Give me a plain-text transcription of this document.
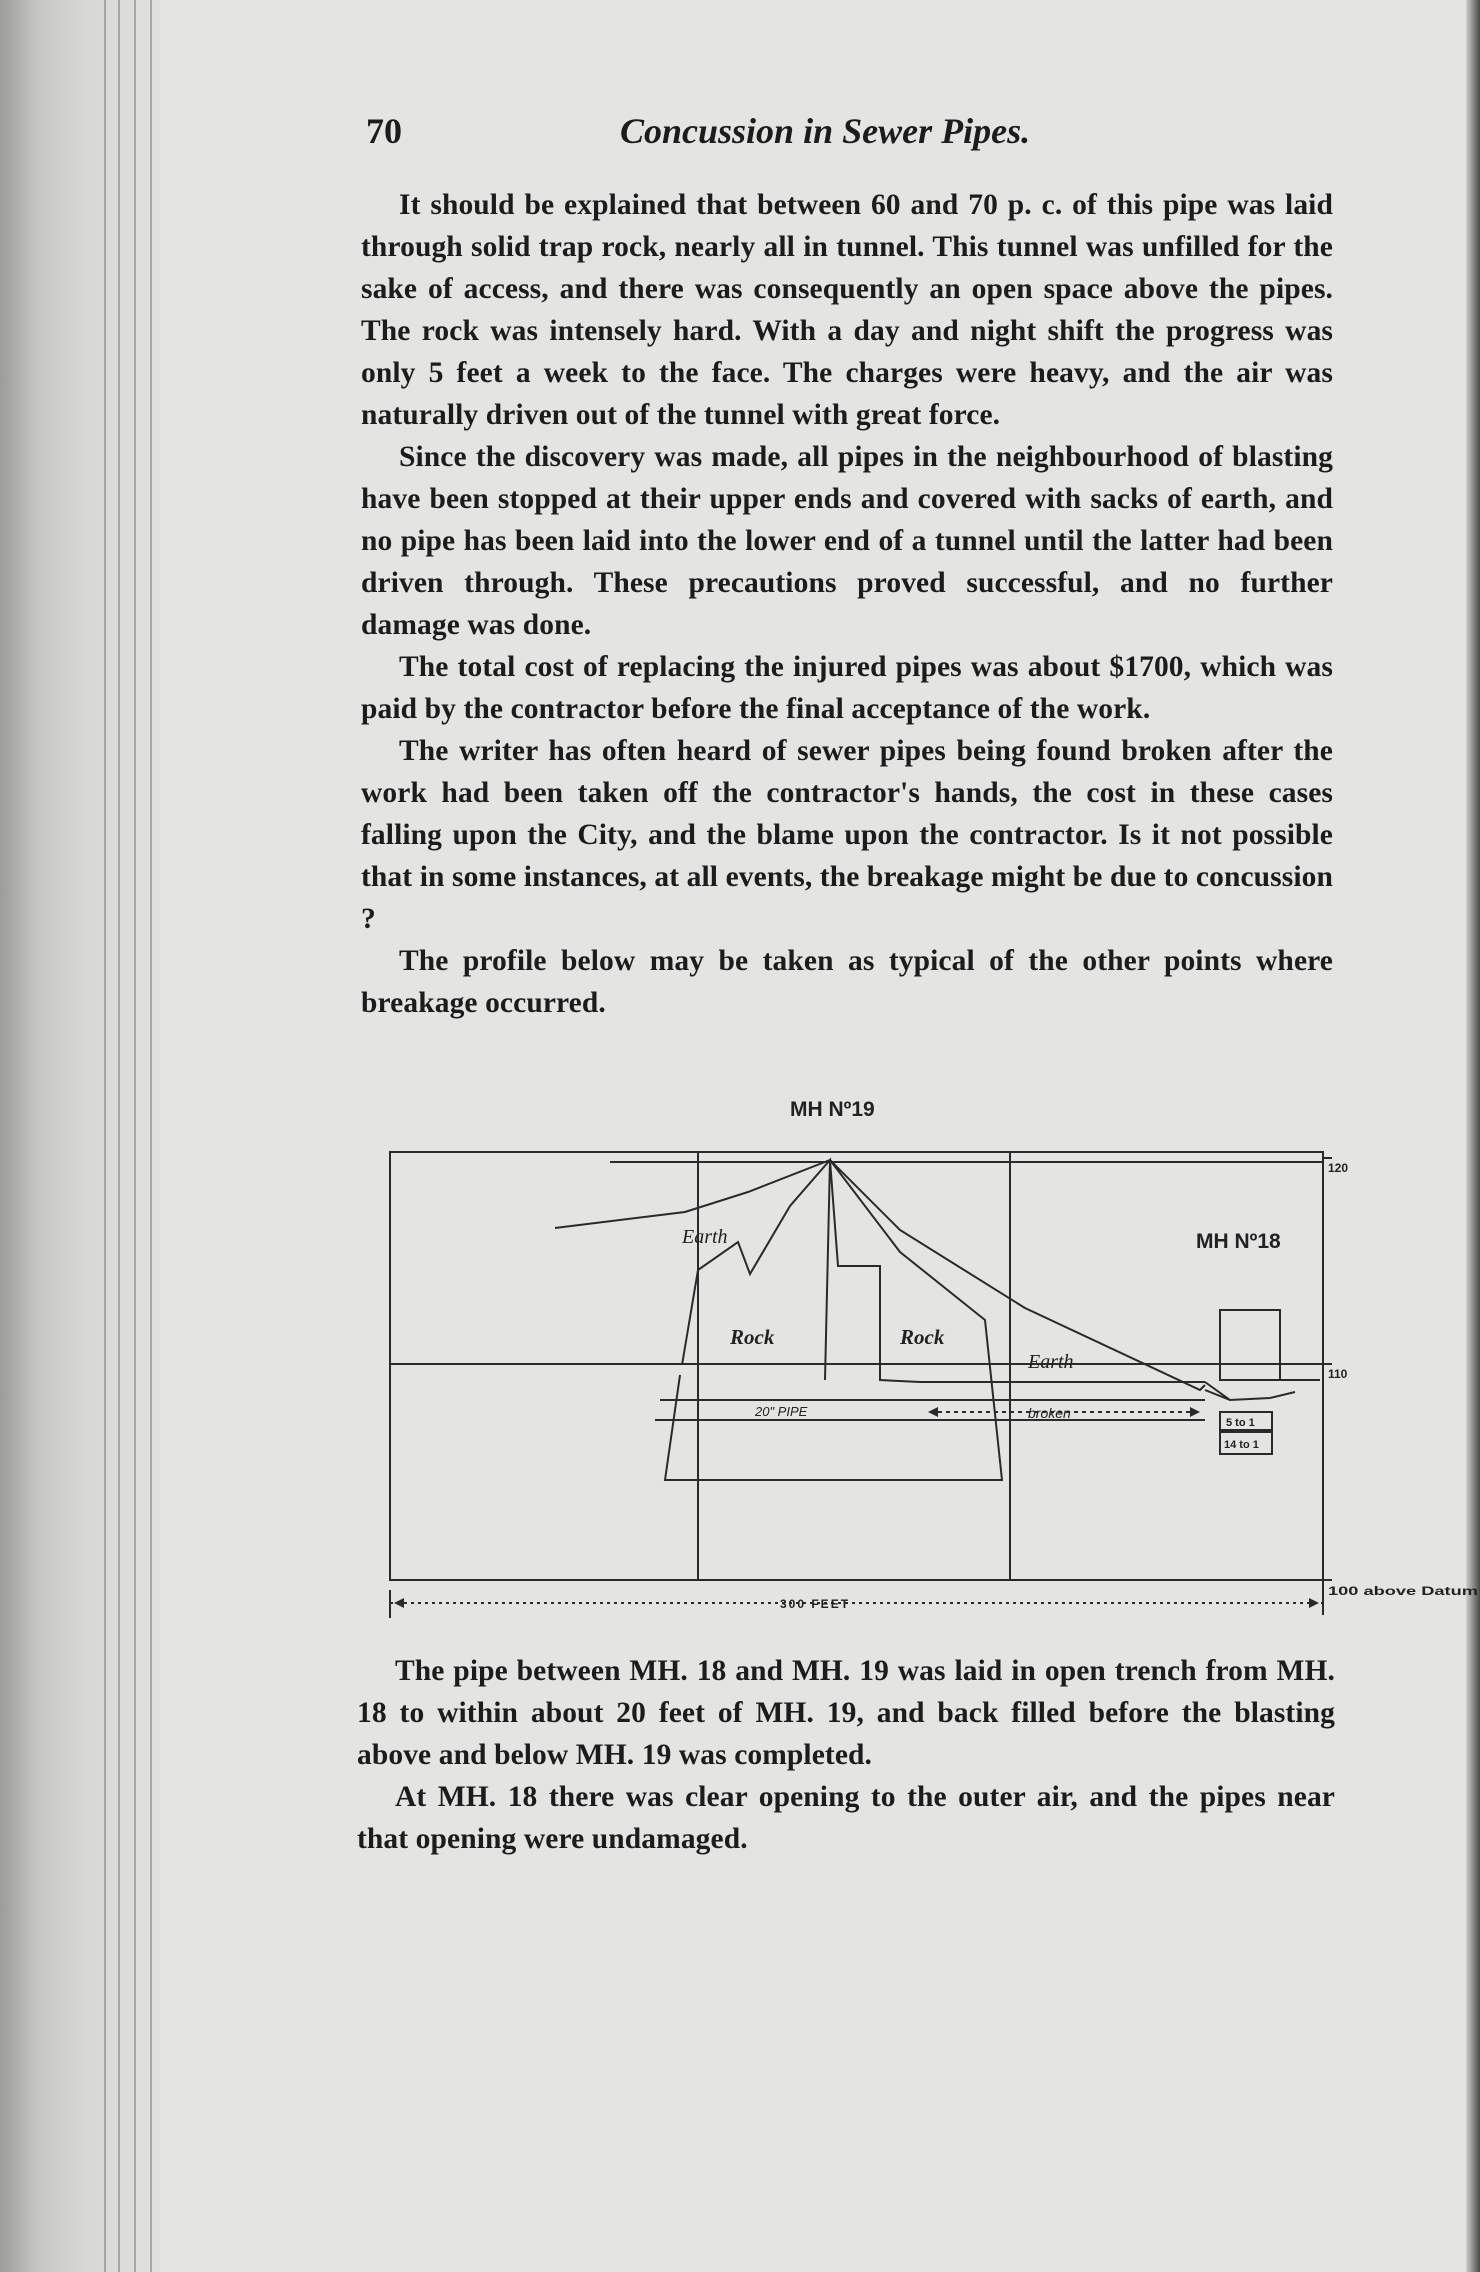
70	Concussion in Sewer Pipes.

It should be explained that between 60 and 70 p. c. of this pipe was laid through solid trap rock, nearly all in tunnel. This tunnel was unfilled for the sake of access, and there was consequently an open space above the pipes. The rock was intensely hard. With a day and night shift the progress was only 5 feet a week to the face. The charges were heavy, and the air was naturally driven out of the tunnel with great force.

Since the discovery was made, all pipes in the neighbourhood of blasting have been stopped at their upper ends and covered with sacks of earth, and no pipe has been laid into the lower end of a tunnel until the latter had been driven through. These precautions proved successful, and no further damage was done.

The total cost of replacing the injured pipes was about $1700, which was paid by the contractor before the final acceptance of the work.

The writer has often heard of sewer pipes being found broken after the work had been taken off the contractor's hands, the cost in these cases falling upon the City, and the blame upon the contractor. Is it not possible that in some instances, at all events, the breakage might be due to concussion ?

The profile below may be taken as typical of the other points where breakage occurred.

MH Nº19
MH Nº18
120
110
100 above Datum
Earth
Rock	Rock
Earth
20" PIPE	broken
5 to 1
14 to 1
300 FEET

The pipe between MH. 18 and MH. 19 was laid in open trench from MH. 18 to within about 20 feet of MH. 19, and back filled before the blasting above and below MH. 19 was completed.

At MH. 18 there was clear opening to the outer air, and the pipes near that opening were undamaged.
